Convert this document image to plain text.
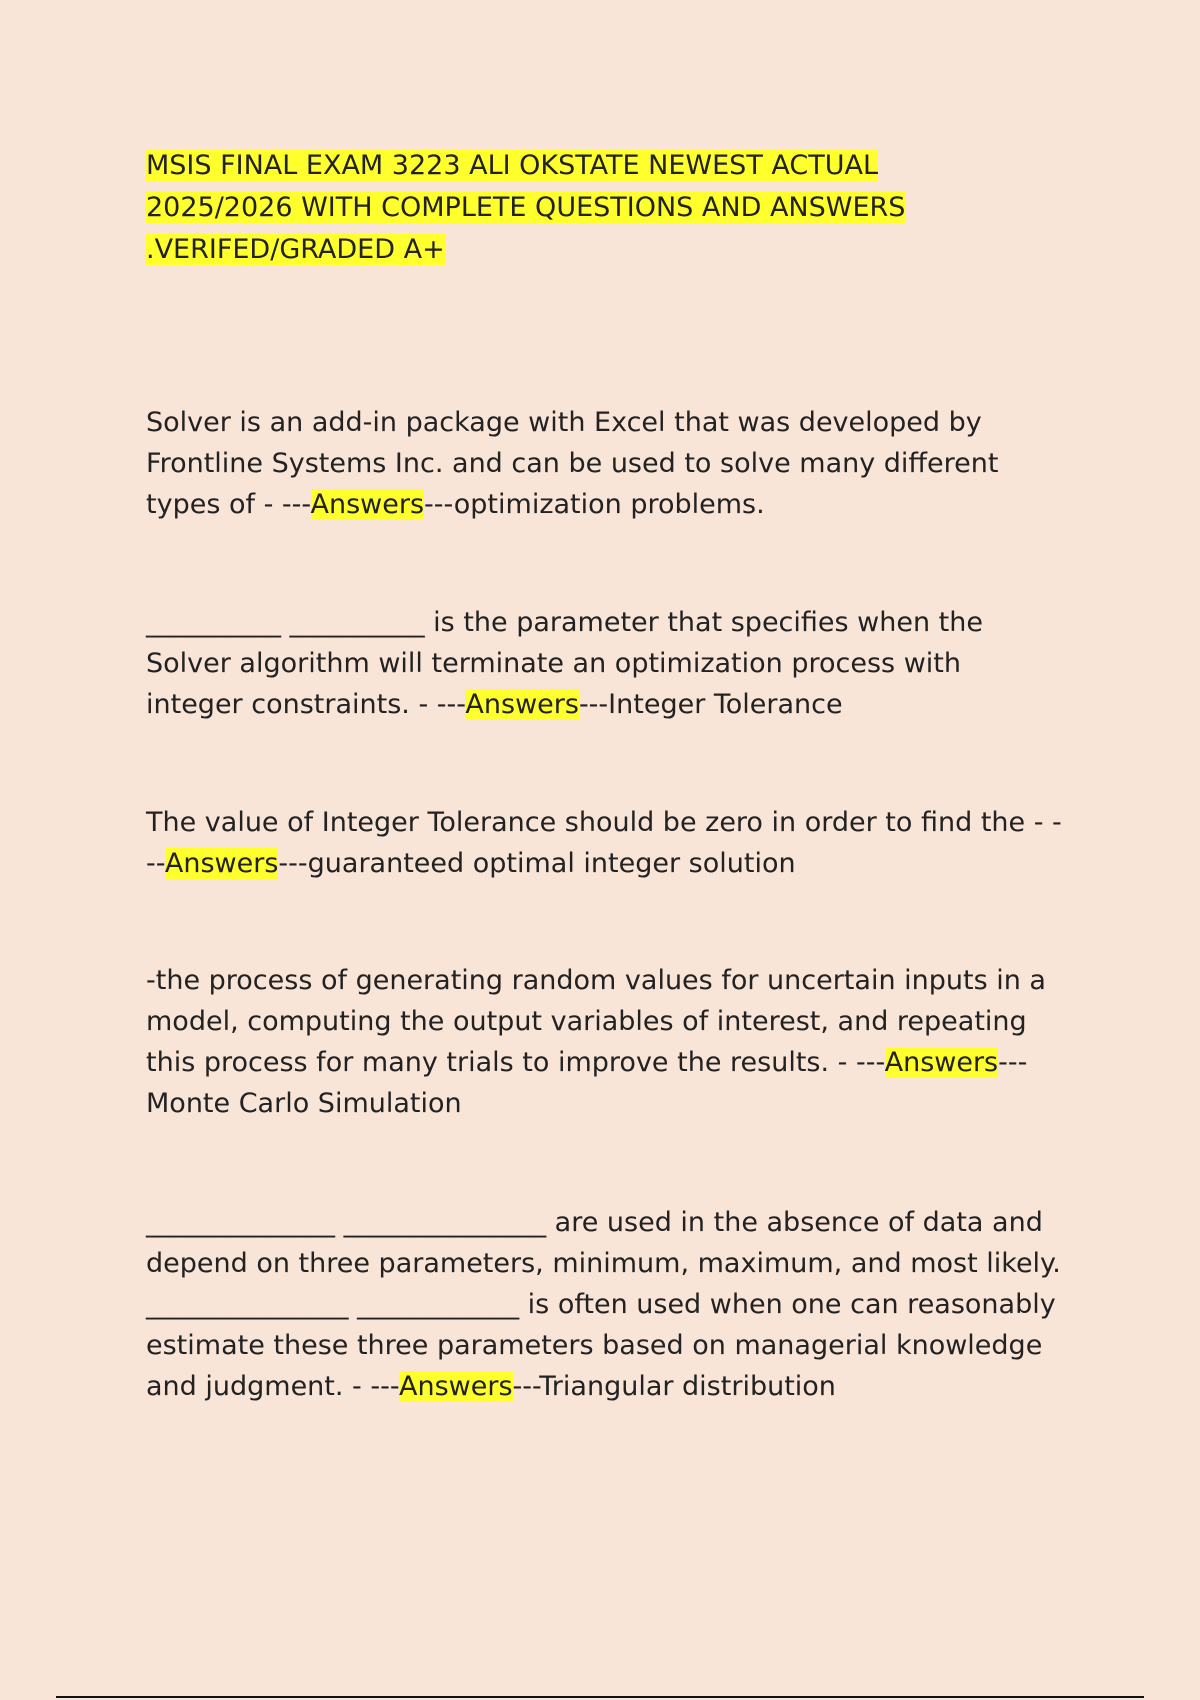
MSIS FINAL EXAM 3223 ALI OKSTATE NEWEST ACTUAL
2025/2026 WITH COMPLETE QUESTIONS AND ANSWERS
.VERIFED/GRADED A+

Solver is an add-in package with Excel that was developed by Frontline Systems Inc. and can be used to solve many different types of - ---Answers---optimization problems.

__________ __________ is the parameter that specifies when the Solver algorithm will terminate an optimization process with integer constraints. - ---Answers---Integer Tolerance

The value of Integer Tolerance should be zero in order to find the - ---Answers---guaranteed optimal integer solution

-the process of generating random values for uncertain inputs in a model, computing the output variables of interest, and repeating this process for many trials to improve the results. - ---Answers---Monte Carlo Simulation

______________ _______________ are used in the absence of data and depend on three parameters, minimum, maximum, and most likely. _______________ ____________ is often used when one can reasonably estimate these three parameters based on managerial knowledge and judgment. - ---Answers---Triangular distribution
